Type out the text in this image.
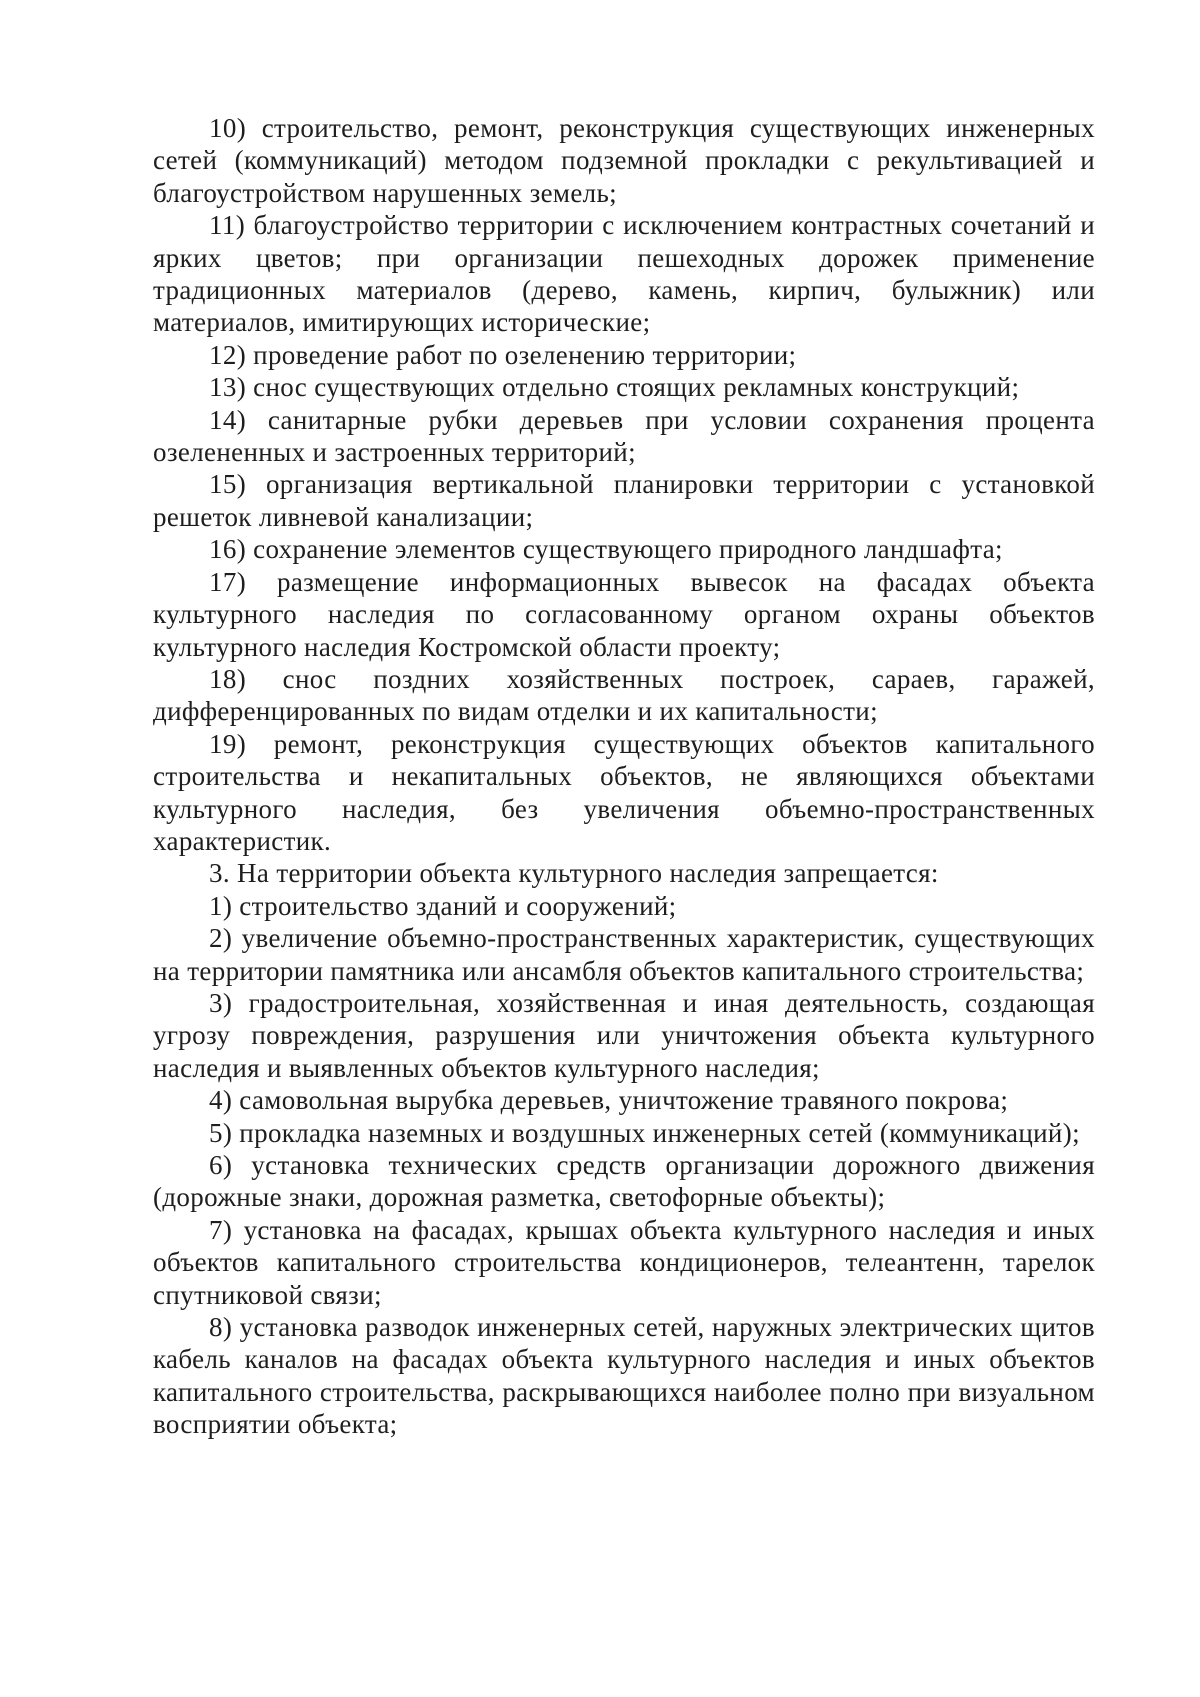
10) строительство, ремонт, реконструкция существующих инженерных сетей (коммуникаций) методом подземной прокладки с рекультивацией и благоустройством нарушенных земель;

11) благоустройство территории с исключением контрастных сочетаний и ярких цветов; при организации пешеходных дорожек применение традиционных материалов (дерево, камень, кирпич, булыжник) или материалов, имитирующих исторические;

12) проведение работ по озеленению территории;

13) снос существующих отдельно стоящих рекламных конструкций;

14) санитарные рубки деревьев при условии сохранения процента озелененных и застроенных территорий;

15) организация вертикальной планировки территории с установкой решеток ливневой канализации;

16) сохранение элементов существующего природного ландшафта;

17) размещение информационных вывесок на фасадах объекта культурного наследия по согласованному органом охраны объектов культурного наследия Костромской области проекту;

18) снос поздних хозяйственных построек, сараев, гаражей, дифференцированных по видам отделки и их капитальности;

19) ремонт, реконструкция существующих объектов капитального строительства и некапитальных объектов, не являющихся объектами культурного наследия, без увеличения объемно-пространственных характеристик.

3. На территории объекта культурного наследия запрещается:

1) строительство зданий и сооружений;

2) увеличение объемно-пространственных характеристик, существующих на территории памятника или ансамбля объектов капитального строительства;

3) градостроительная, хозяйственная и иная деятельность, создающая угрозу повреждения, разрушения или уничтожения объекта культурного наследия и выявленных объектов культурного наследия;

4) самовольная вырубка деревьев, уничтожение травяного покрова;

5) прокладка наземных и воздушных инженерных сетей (коммуникаций);

6) установка технических средств организации дорожного движения (дорожные знаки, дорожная разметка, светофорные объекты);

7) установка на фасадах, крышах объекта культурного наследия и иных объектов капитального строительства кондиционеров, телеантенн, тарелок спутниковой связи;

8) установка разводок инженерных сетей, наружных электрических щитов кабель каналов на фасадах объекта культурного наследия и иных объектов капитального строительства, раскрывающихся наиболее полно при визуальном восприятии объекта;
